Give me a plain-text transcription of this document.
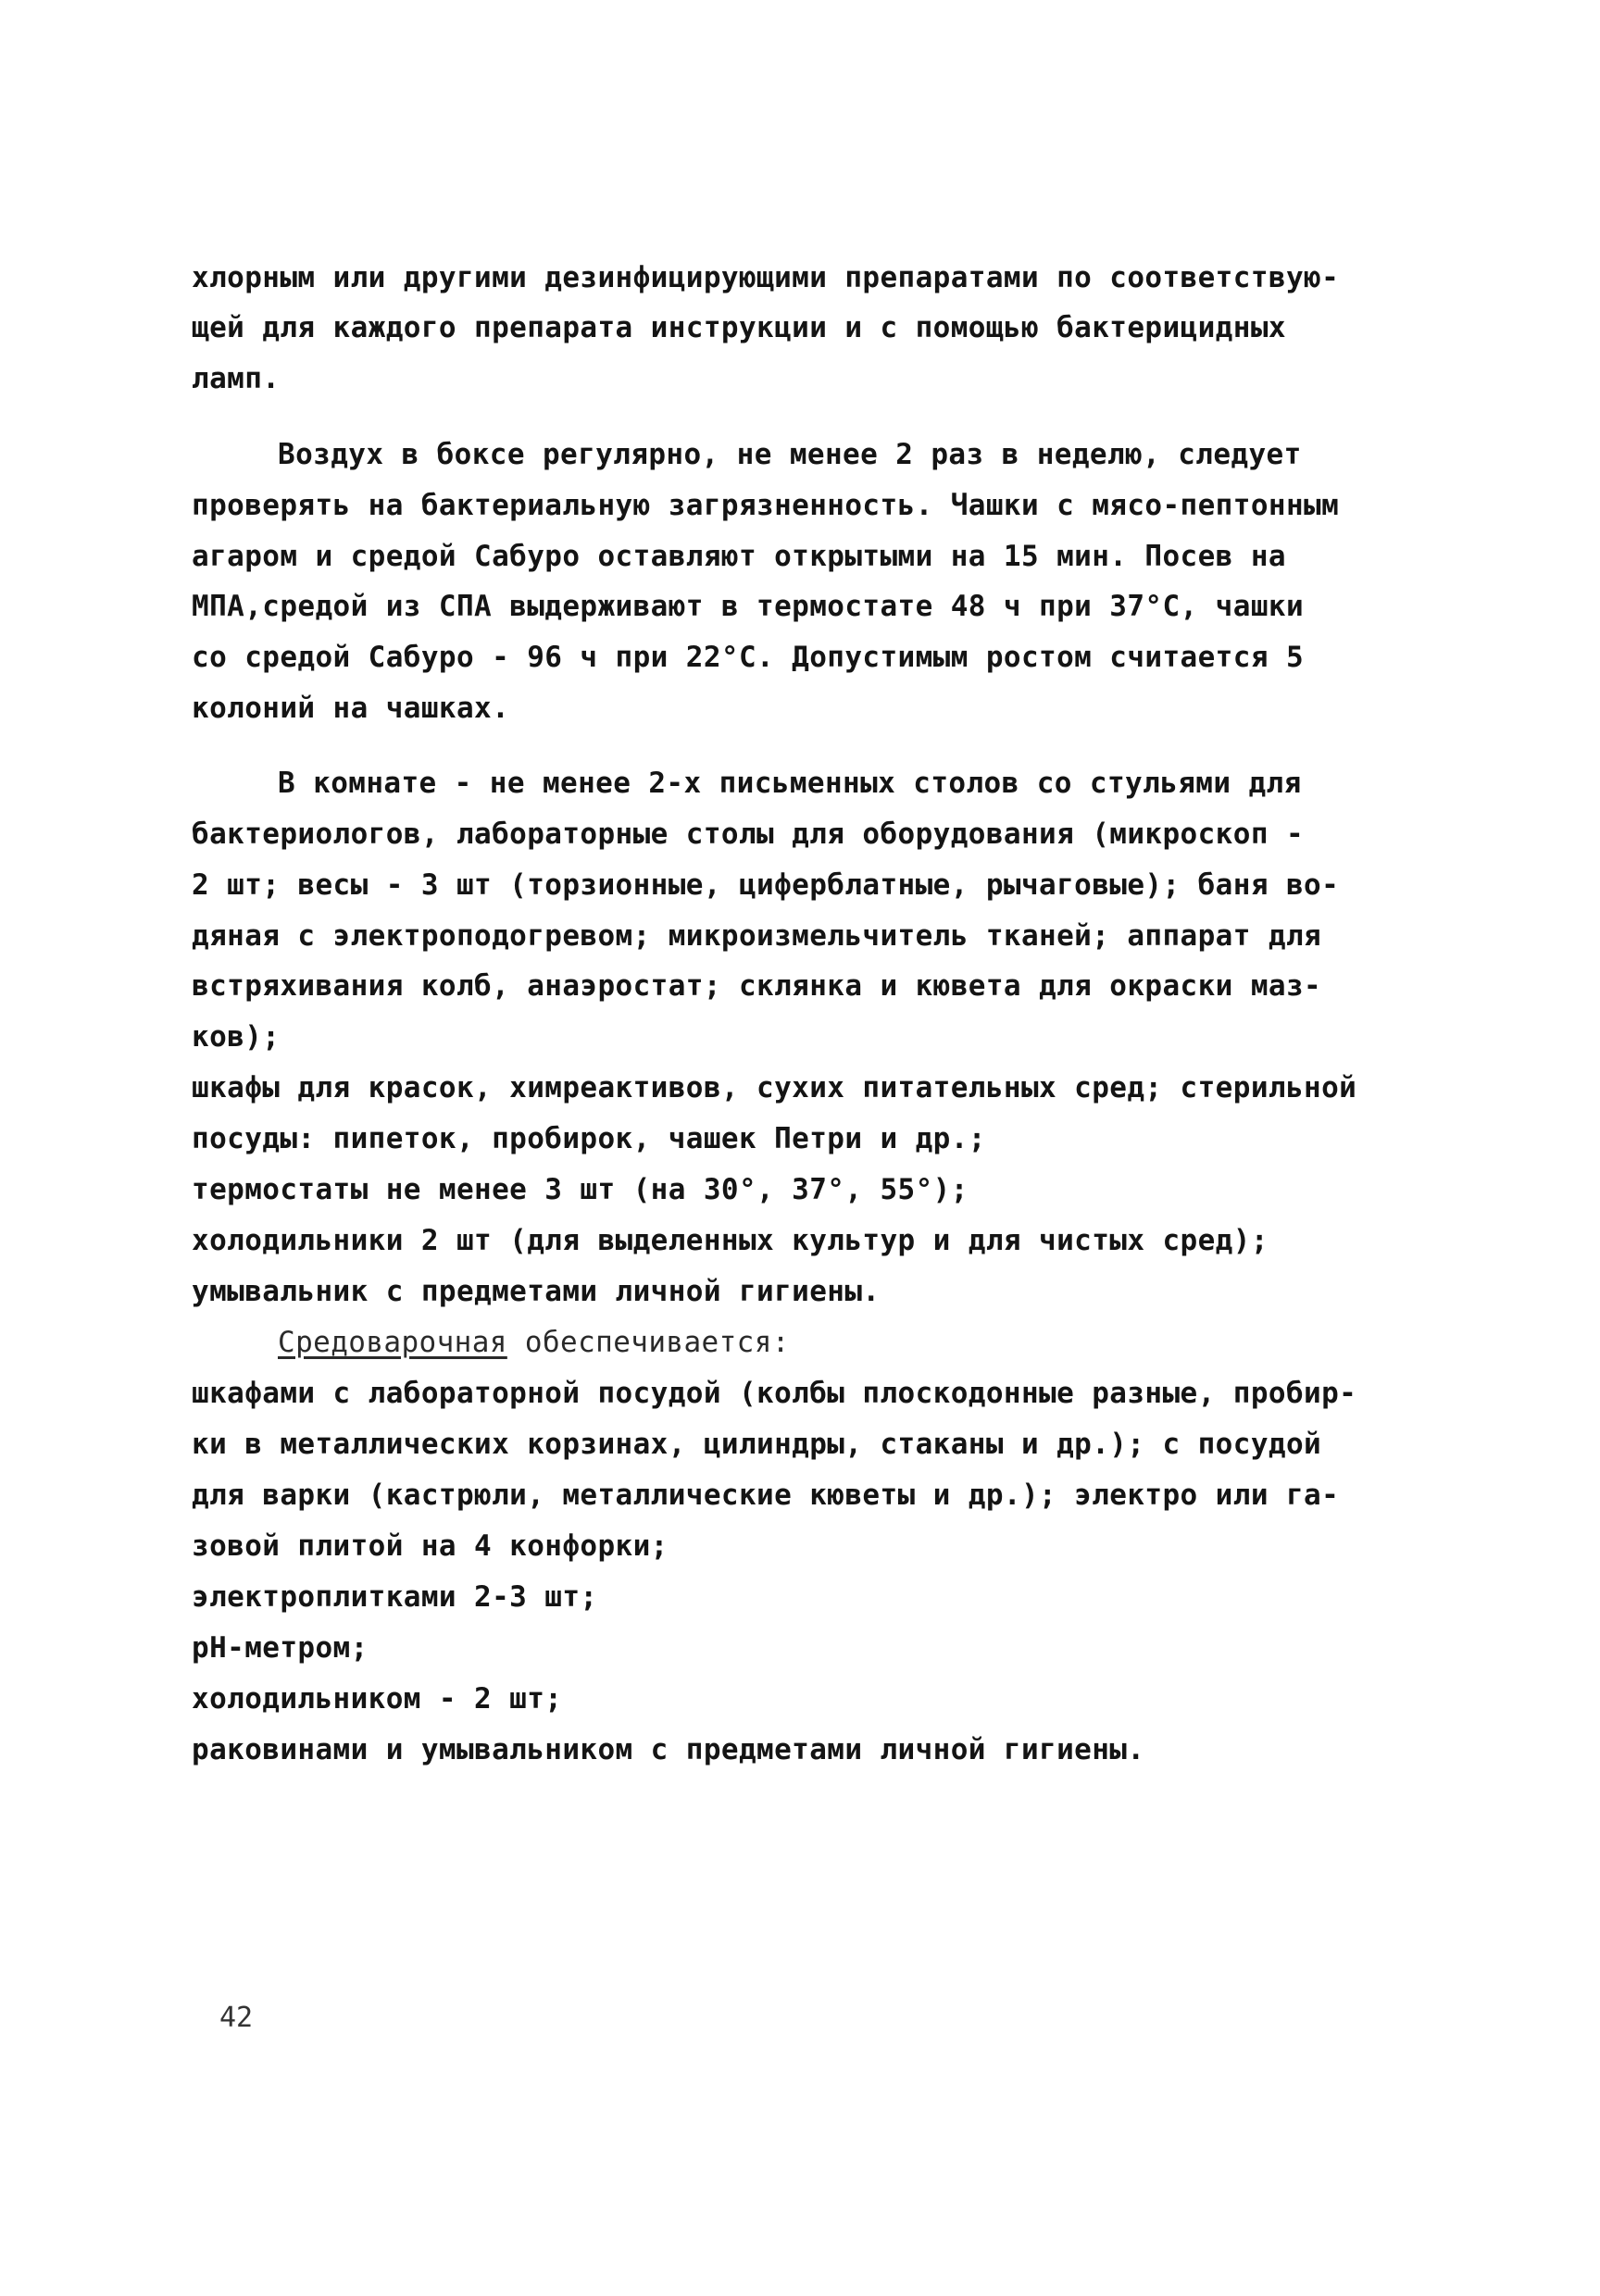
хлорным или другими дезинфицирующими препаратами по соответствую-

щей для каждого препарата инструкции и с помощью бактерицидных

ламп.

Воздух в боксе регулярно, не менее 2 раз в неделю, следует

проверять на бактериальную загрязненность. Чашки с мясо-пептонным

агаром и средой Сабуро оставляют открытыми на 15 мин. Посев на

МПА,средой из СПА выдерживают в термостате 48 ч при 37°С, чашки

со средой Сабуро - 96 ч при 22°С. Допустимым ростом считается 5

колоний на чашках.

В комнате - не менее 2-х письменных столов со стульями для

бактериологов, лабораторные столы для оборудования (микроскоп -

2 шт; весы - 3 шт (торзионные, циферблатные, рычаговые); баня во-

дяная с электроподогревом; микроизмельчитель тканей; аппарат для

встряхивания колб, анаэростат; склянка и кювета для окраски маз-

ков);

шкафы для красок, химреактивов, сухих питательных сред; стерильной

посуды: пипеток, пробирок, чашек Петри и др.;

термостаты не менее 3 шт (на 30°, 37°, 55°);

холодильники 2 шт (для выделенных культур и для чистых сред);

умывальник с предметами личной гигиены.

Средоварочная обеспечивается:

шкафами с лабораторной посудой (колбы плоскодонные разные, пробир-

ки в металлических корзинах, цилиндры, стаканы и др.); с посудой

для варки (кастрюли, металлические кюветы и др.); электро или га-

зовой плитой на 4 конфорки;

электроплитками 2-3 шт;

рН-метром;

холодильником - 2 шт;

раковинами и умывальником с предметами личной гигиены.

42
